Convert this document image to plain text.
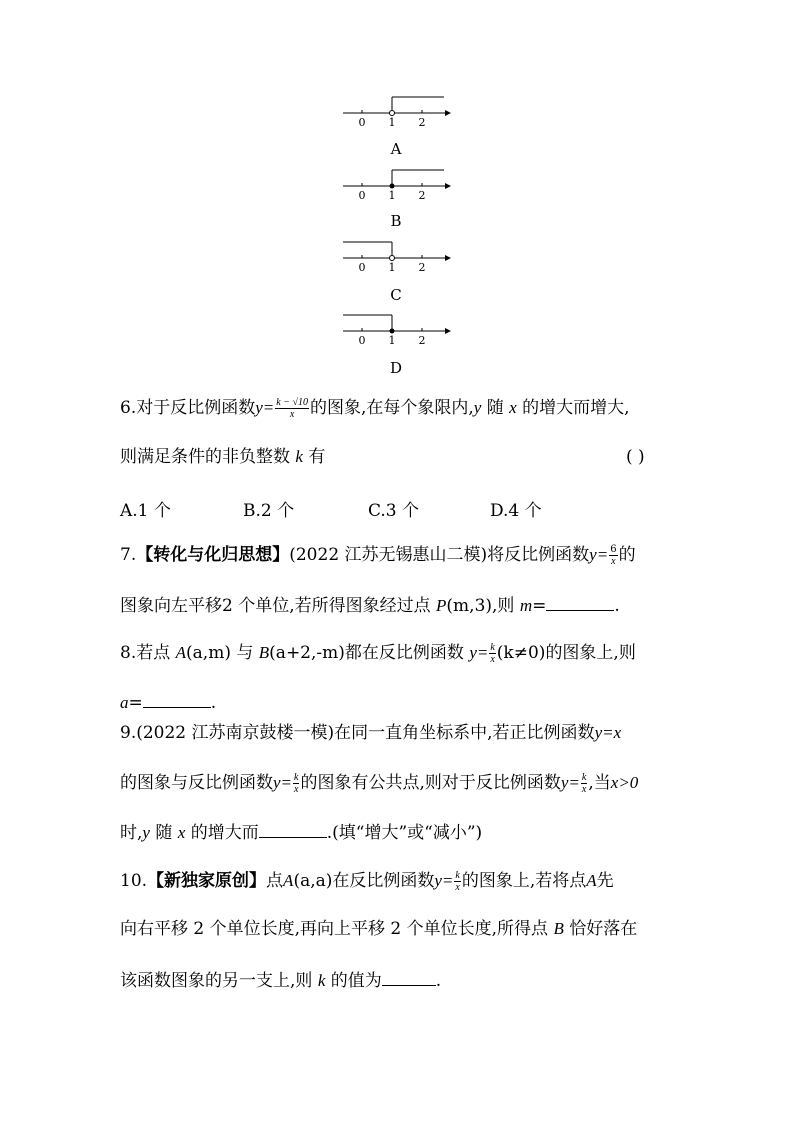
0 1 2
A
0 1 2
B
0 1 2
C
0 1 2
D
6.对于反比例函数$y= \frac{k - √10}{x}$ 的图象,在每个象限内,y 随 x 的增大而增大,
则满足条件的非负整数 k 有	( )
A.1 个	B.2 个	C.3 个	D.4 个
7.【转化与化归思想】(2022 江苏无锡惠山二模)将反比例函数$y= \frac{6}{x}$ 的
图象向左平移2 个单位,若所得图象经过点 P(m,3),则 m=	.
8.若点 A(a,m) 与 B(a+2,-m)都在反比例函数 $y= \frac{k}{x} (k\ne 0)$的图象上,则
a=	.
9.(2022 江苏南京鼓楼一模)在同一直角坐标系中,若正比例函数y=x
的图象与反比例函数$y= \frac{k}{x}$ 的图象有公共点,则对于反比例函数$y= \frac{k}{x}$ ,当x>0
时,y 随 x 的增大而	.(填“增大”或“减小”)
10.【新独家原创】点A(a,a)在反比例函数$y= \frac{k}{x}$ 的图象上,若将点A先
向右平移 2 个单位长度,再向上平移 2 个单位长度,所得点 B 恰好落在
该函数图象的另一支上,则 k 的值为	.
